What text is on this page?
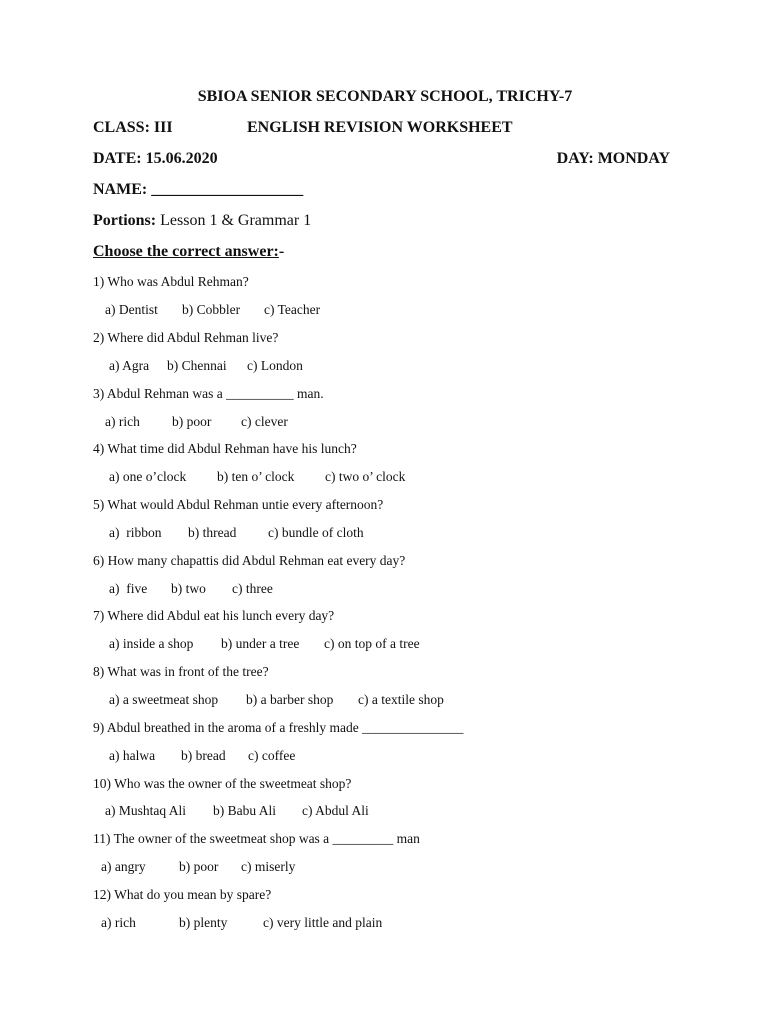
SBIOA SENIOR SECONDARY SCHOOL, TRICHY-7
CLASS: III	ENGLISH REVISION WORKSHEET
DATE: 15.06.2020	DAY: MONDAY
NAME: ___________________
Portions: Lesson 1 & Grammar 1
Choose the correct answer:-
1) Who was Abdul Rehman?

a) Dentist

b) Cobbler

c) Teacher

2) Where did Abdul Rehman live?

a) Agra

b) Chennai

c) London

3) Abdul Rehman was a __________ man.

a) rich

b) poor

c) clever

4) What time did Abdul Rehman have his lunch?

a) one o’clock

b) ten o’ clock

c) two o’ clock

5) What would Abdul Rehman untie every afternoon?

a)  ribbon

b) thread

c) bundle of cloth

6) How many chapattis did Abdul Rehman eat every day?

a)  five

b) two

c) three

7) Where did Abdul eat his lunch every day?

a) inside a shop

b) under a tree

c) on top of a tree

8) What was in front of the tree?

a) a sweetmeat shop

b) a barber shop

c) a textile shop

9) Abdul breathed in the aroma of a freshly made _______________

a) halwa

b) bread

c) coffee

10) Who was the owner of the sweetmeat shop?

a) Mushtaq Ali

b) Babu Ali

c) Abdul Ali

11) The owner of the sweetmeat shop was a _________ man

a) angry

b) poor

c) miserly

12) What do you mean by spare?

a) rich

	b) plenty

	c) very little and plain
